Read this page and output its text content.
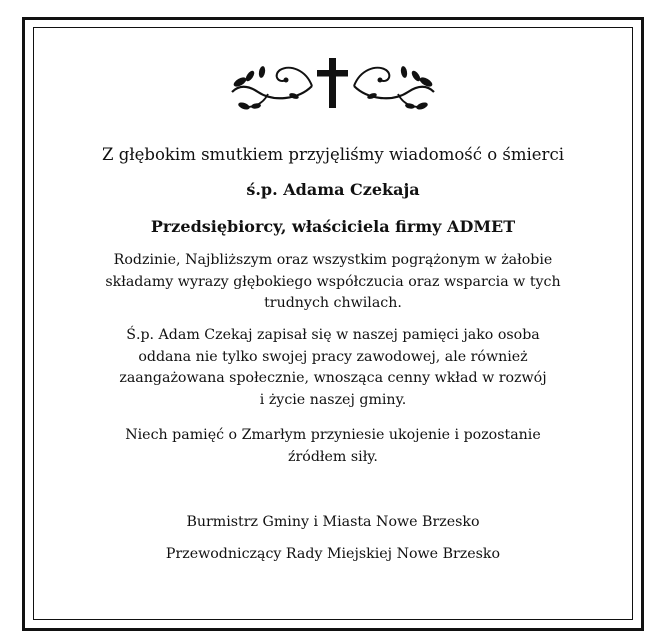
Z głębokim smutkiem przyjęliśmy wiadomość o śmierci
ś.p. Adama Czekaja
Przedsiębiorcy, właściciela firmy ADMET
Rodzinie, Najbliższym oraz wszystkim pogrążonym w żałobie
składamy wyrazy głębokiego współczucia oraz wsparcia w tych
trudnych chwilach.
Ś.p. Adam Czekaj zapisał się w naszej pamięci jako osoba
oddana nie tylko swojej pracy zawodowej, ale również
zaangażowana społecznie, wnosząca cenny wkład w rozwój
i życie naszej gminy.
Niech pamięć o Zmarłym przyniesie ukojenie i pozostanie
źródłem siły.
Burmistrz Gminy i Miasta Nowe Brzesko
Przewodniczący Rady Miejskiej Nowe Brzesko
